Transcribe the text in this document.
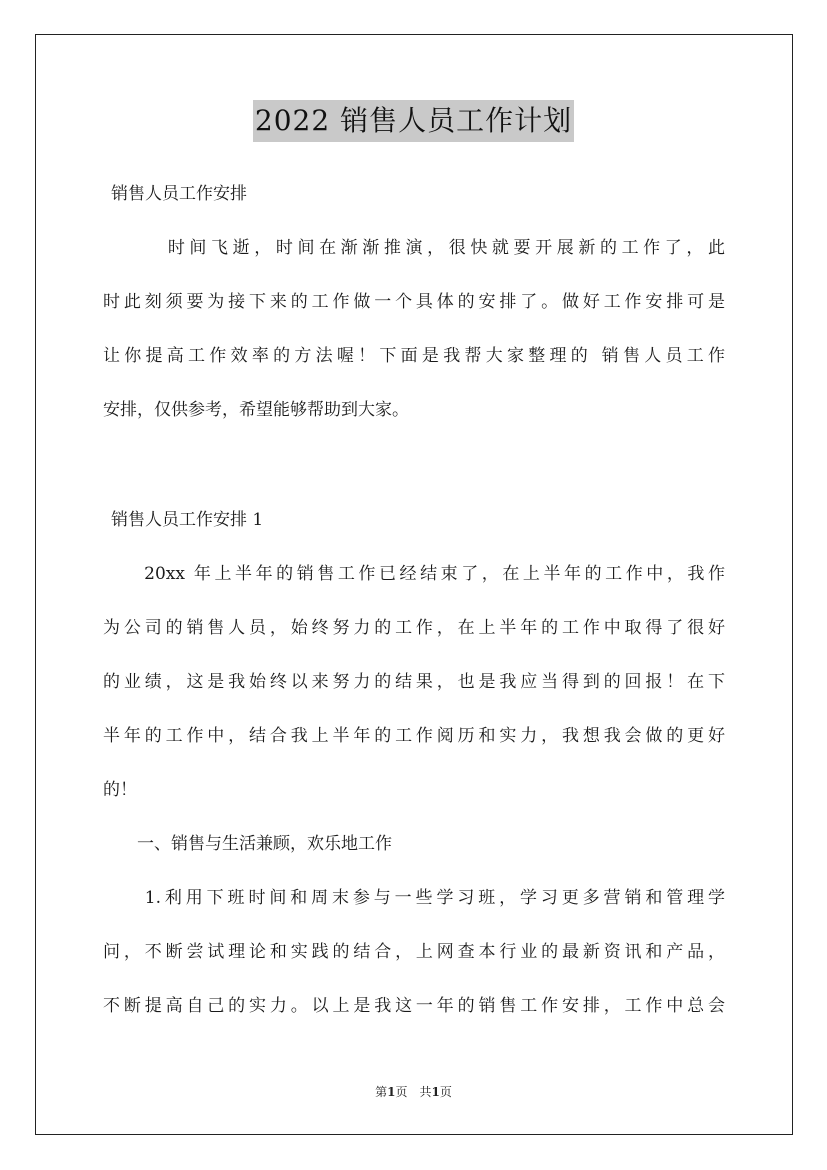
2022 销售人员工作计划
销售人员工作安排
　　　时间飞逝，时间在渐渐推演，很快就要开展新的工作了，此
时此刻须要为接下来的工作做一个具体的安排了。做好工作安排可是
让你提高工作效率的方法喔！下面是我帮大家整理的 销售人员工作
安排，仅供参考，希望能够帮助到大家。
销售人员工作安排 1
　　20xx 年上半年的销售工作已经结束了，在上半年的工作中，我作
为公司的销售人员，始终努力的工作，在上半年的工作中取得了很好
的业绩，这是我始终以来努力的结果，也是我应当得到的回报！在下
半年的工作中，结合我上半年的工作阅历和实力，我想我会做的更好
的！
　　一、销售与生活兼顾，欢乐地工作
　　1.利用下班时间和周末参与一些学习班，学习更多营销和管理学
问，不断尝试理论和实践的结合，上网查本行业的最新资讯和产品，
不断提高自己的实力。以上是我这一年的销售工作安排，工作中总会
第1页　共1页
